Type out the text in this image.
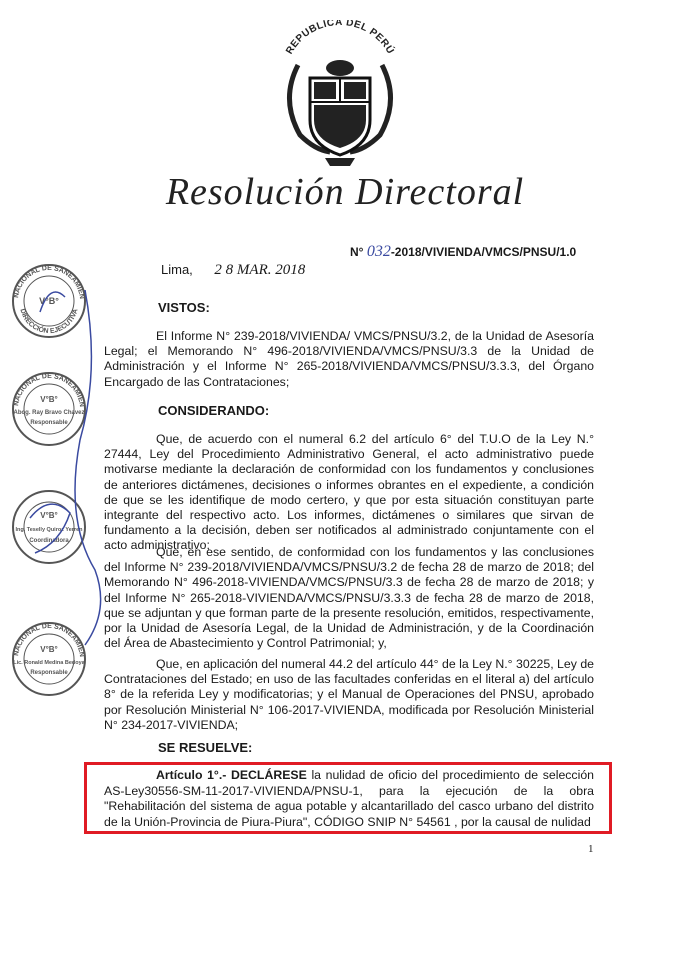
REPUBLICA DEL PERÚ
Resolución Directoral
N° 032-2018/VIVIENDA/VMCS/PNSU/1.0
Lima, 2 8 MAR. 2018
VISTOS:
El Informe N° 239-2018/VIVIENDA/ VMCS/PNSU/3.2, de la Unidad de Asesoría Legal; el Memorando N° 496-2018/VIVIENDA/VMCS/PNSU/3.3 de la Unidad de Administración y el Informe N° 265-2018/VIVIENDA/VMCS/PNSU/3.3.3, del Órgano Encargado de las Contrataciones;
CONSIDERANDO:
Que, de acuerdo con el numeral 6.2 del artículo 6° del T.U.O de la Ley N.° 27444, Ley del Procedimiento Administrativo General, el acto administrativo puede motivarse mediante la declaración de conformidad con los fundamentos y conclusiones de anteriores dictámenes, decisiones o informes obrantes en el expediente, a condición de que se les identifique de modo certero, y que por esta situación constituyan parte integrante del respectivo acto. Los informes, dictámenes o similares que sirvan de fundamento a la decisión, deben ser notificados al administrado conjuntamente con el acto administrativo;
Que, en ese sentido, de conformidad con los fundamentos y las conclusiones del Informe N° 239-2018/VIVIENDA/VMCS/PNSU/3.2 de fecha 28 de marzo de 2018; del Memorando N° 496-2018-VIVIENDA/VMCS/PNSU/3.3 de fecha 28 de marzo de 2018; y del Informe N° 265-2018-VIVIENDA/VMCS/PNSU/3.3.3 de fecha 28 de marzo de 2018, que se adjuntan y que forman parte de la presente resolución, emitidos, respectivamente, por la Unidad de Asesoría Legal, de la Unidad de Administración, y de la Coordinación del Área de Abastecimiento y Control Patrimonial; y,
Que, en aplicación del numeral 44.2 del artículo 44° de la Ley N.° 30225, Ley de Contrataciones del Estado; en uso de las facultades conferidas en el literal a) del artículo 8° de la referida Ley y modificatorias; y el Manual de Operaciones del PNSU, aprobado por Resolución Ministerial N° 106-2017-VIVIENDA, modificada por Resolución Ministerial N° 234-2017-VIVIENDA;
SE RESUELVE:
Artículo 1°.- DECLÁRESE la nulidad de oficio del procedimiento de selección AS-Ley30556-SM-11-2017-VIVIENDA/PNSU-1, para la ejecución de la obra "Rehabilitación del sistema de agua potable y alcantarillado del casco urbano del distrito de la Unión-Provincia de Piura-Piura", CÓDIGO SNIP N° 54561 , por la causal de nulidad
1
NACIONAL DE SANEAMIEN
DIRECCIÓN EJECUTIVA
V°B°
NACIONAL DE SANEAMIEN
V°B°
Abog. Ray Bravo Chavez
Responsable
V°B°
Ing. Teselly Quiroz Yerren
Coordinadora
NACIONAL DE SANEAMIEN
V°B°
Lic. Ronald Medina Bedoya
Responsable
